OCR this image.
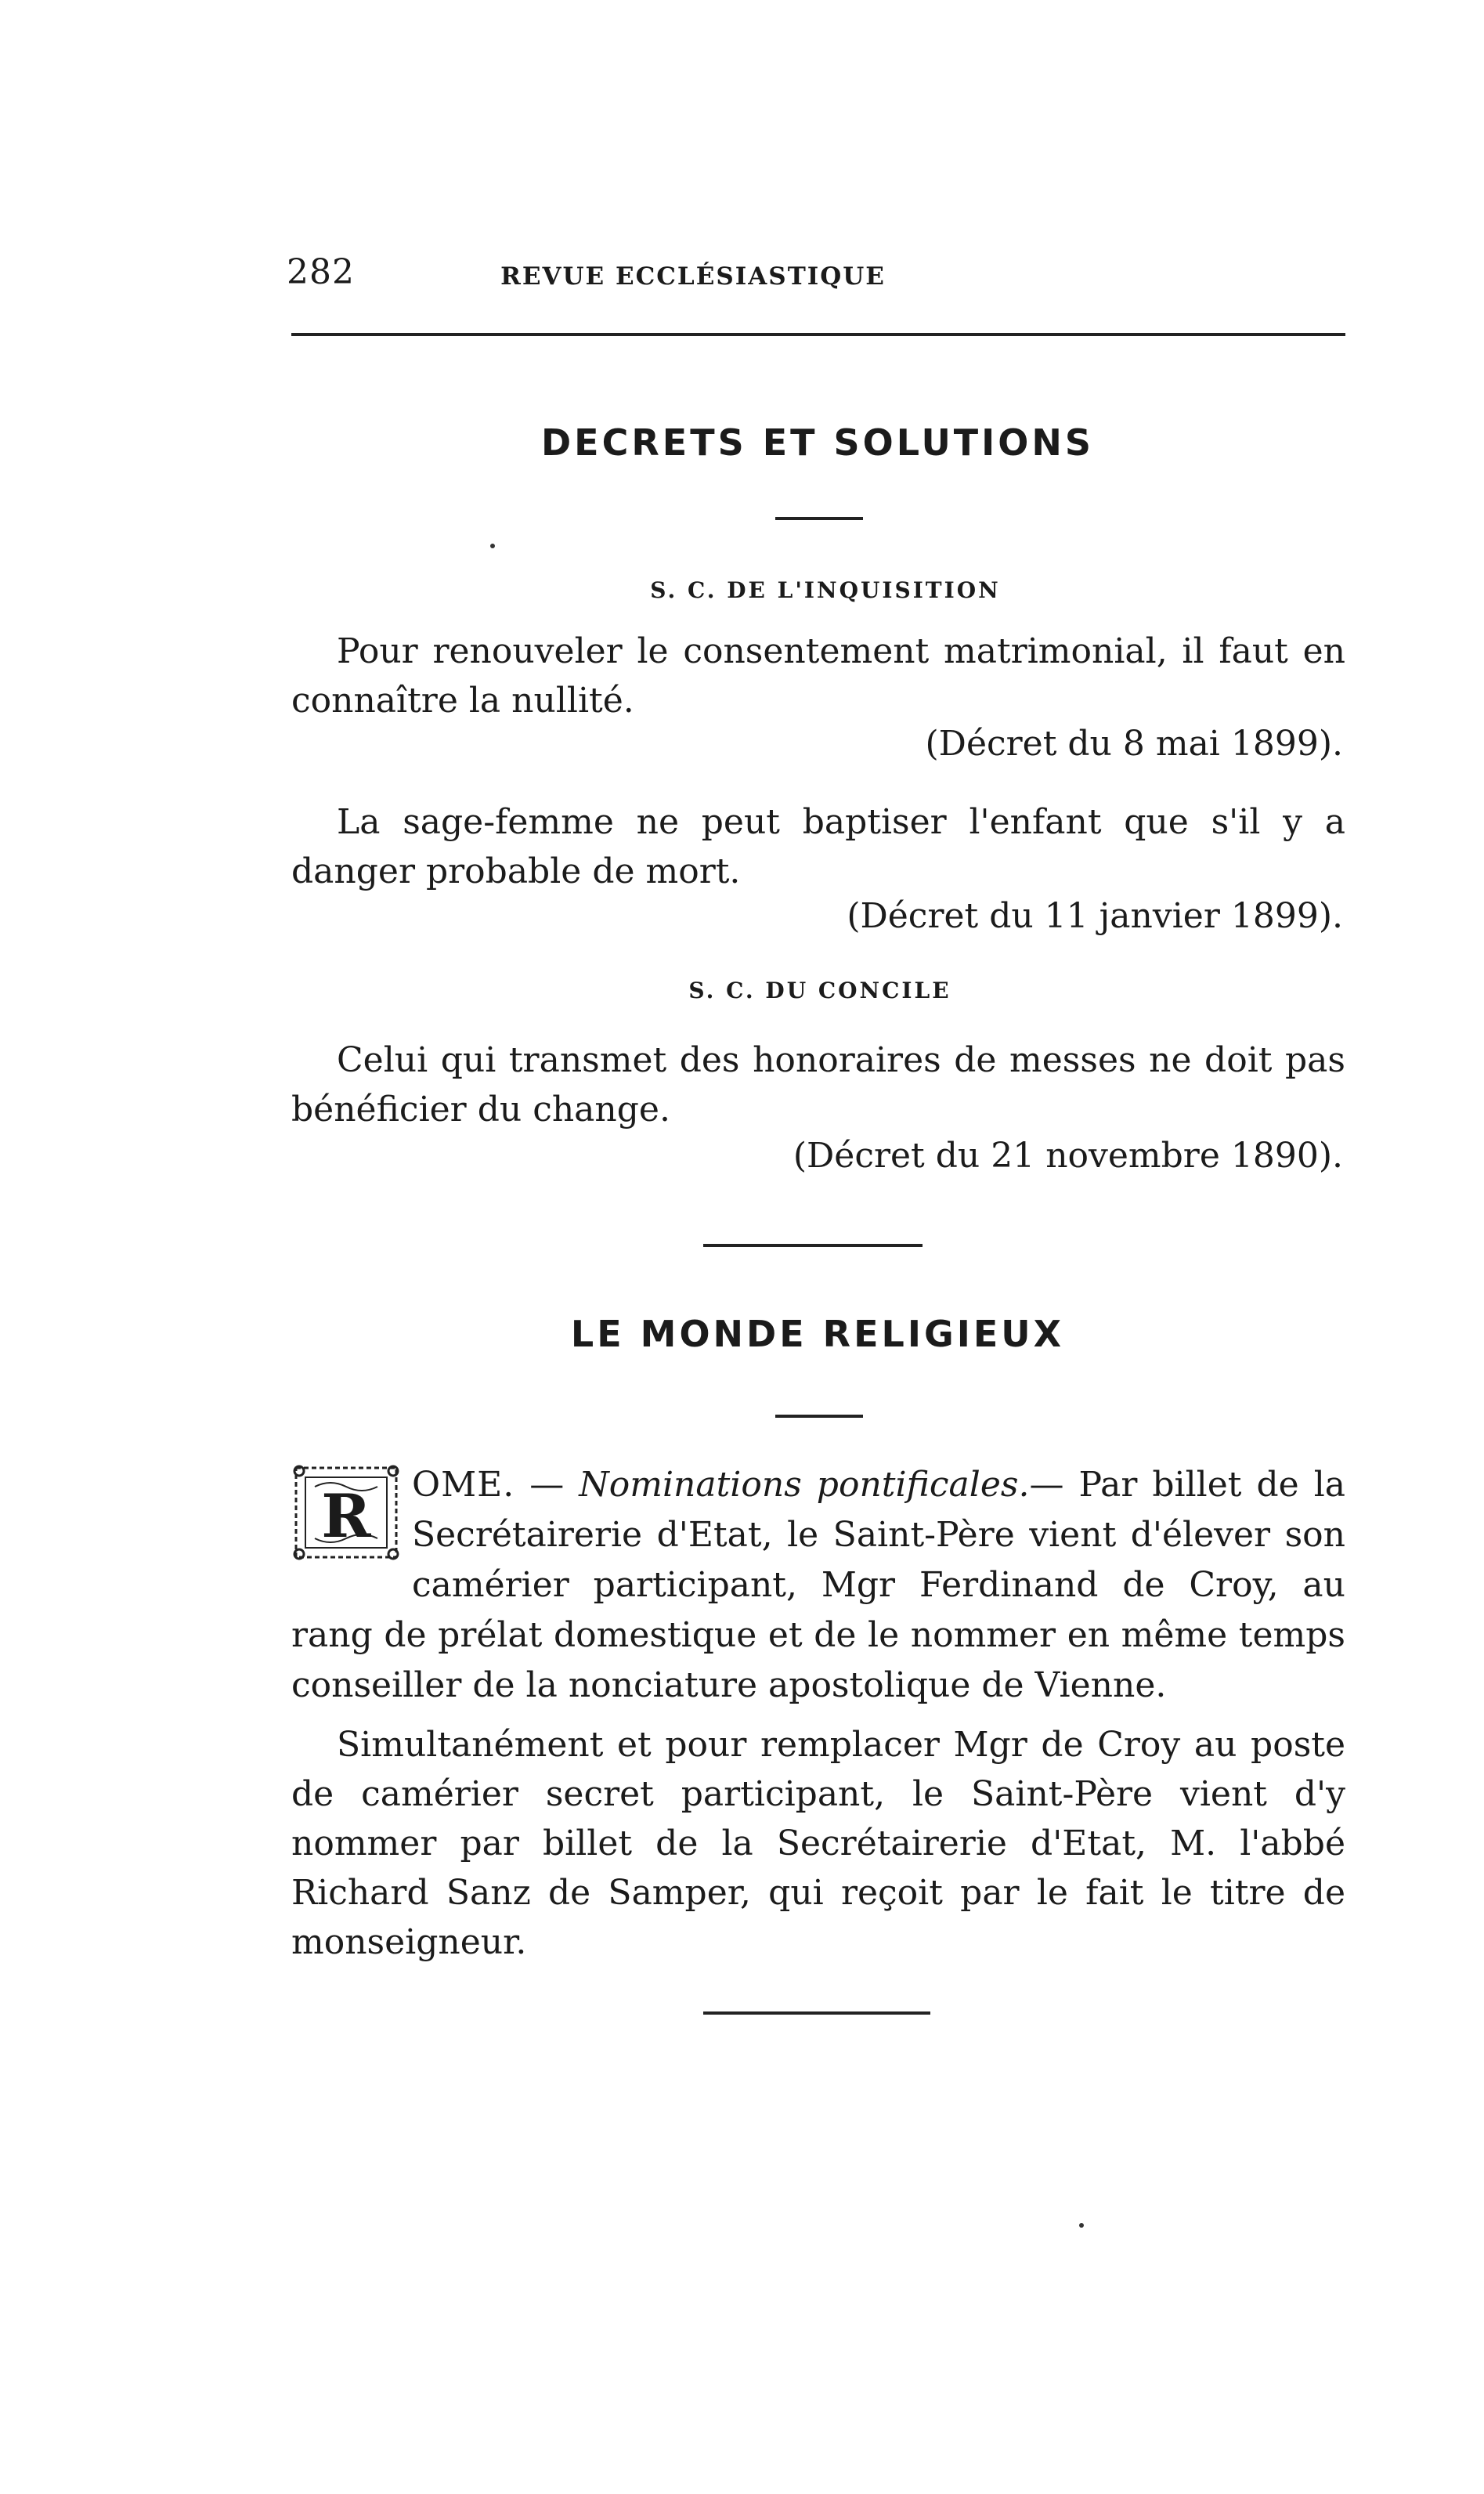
282	REVUE ECCLÉSIASTIQUE
DECRETS ET SOLUTIONS
S. C. DE L'INQUISITION

Pour renouveler le consentement matrimonial, il faut en connaître la nullité.

(Décret du 8 mai 1899).

La sage-femme ne peut baptiser l'enfant que s'il y a danger probable de mort.

(Décret du 11 janvier 1899).
S. C. DU CONCILE

Celui qui transmet des honoraires de messes ne doit pas bénéficier du change.

(Décret du 21 novembre 1890).
LE MONDE RELIGIEUX

R OME. — Nominations pontificales.— Par billet de la Secrétairerie d'Etat, le Saint-Père vient d'élever son camérier participant, Mgr Ferdinand de Croy, au rang de prélat domestique et de le nommer en même temps conseiller de la nonciature apostolique de Vienne.

Simultanément et pour remplacer Mgr de Croy au poste de camérier secret participant, le Saint-Père vient d'y nommer par billet de la Secrétairerie d'Etat, M. l'abbé Richard Sanz de Samper, qui reçoit par le fait le titre de monseigneur.
